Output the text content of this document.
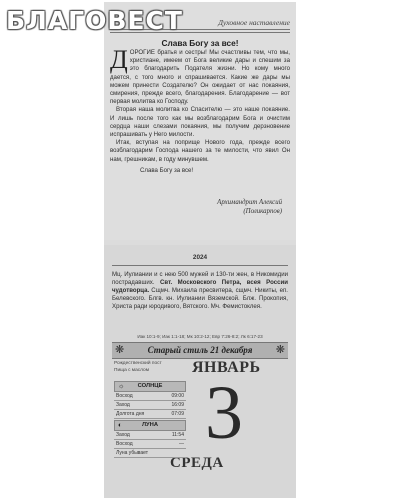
БЛАГОВЕСТ	Духовное наставление
Слава Богу за все!

ДОРОГИЕ братья и сестры! Мы счастливы тем, что мы, христиане, имеем от Бога великие дары и спешим за это благодарить Подателя жизни. Но кому много дается, с того много и спрашивается. Какие же дары мы можем принести Создателю? Он ожидает от нас покаяния, смирения, прежде всего, благодарения. Благодарение — вот первая молитва ко Господу.

Вторая наша молитва ко Спасителю — это наше покаяние. И лишь после того как мы возблагодарим Бога и очистим сердца наши слезами покаяния, мы получим дерзновение испрашивать у Него милости.

Итак, вступая на поприще Нового года, прежде всего возблагодарим Господа нашего за те милости, что явил Он нам, грешникам, в году минувшем.

Слава Богу за все!

Архимандрит Алексий
(Поликарпов)
2024
Мц. Иулиании и с нею 500 мужей и 130-ти жен, в Никомидии пострадавших. Свт. Московского Петра, всея России чудотворца. Сщмч. Михаила пресвитера, сщмч. Никиты, еп. Белевского. Блгв. кн. Иулиании Вяземской. Блж. Прокопия, Христа ради юродивого, Вятского. Мч. Фемистоклея.
Иак 10:1-9; Иак 1:1-18; Мк 10:2-12; Евр 7:26-8:2; Лк 6:17-23
❋	Старый стиль 21 декабря	❋
Рождественский пост
Пища с маслом	ЯНВАРЬ
3
СРЕДА
☼ СОЛНЦЕ
Восход	09:00
Заход	16:09
Долгота дня	07:09
◐	ЛУНА
Заход	11:54
Восход	—
Луна убывает
